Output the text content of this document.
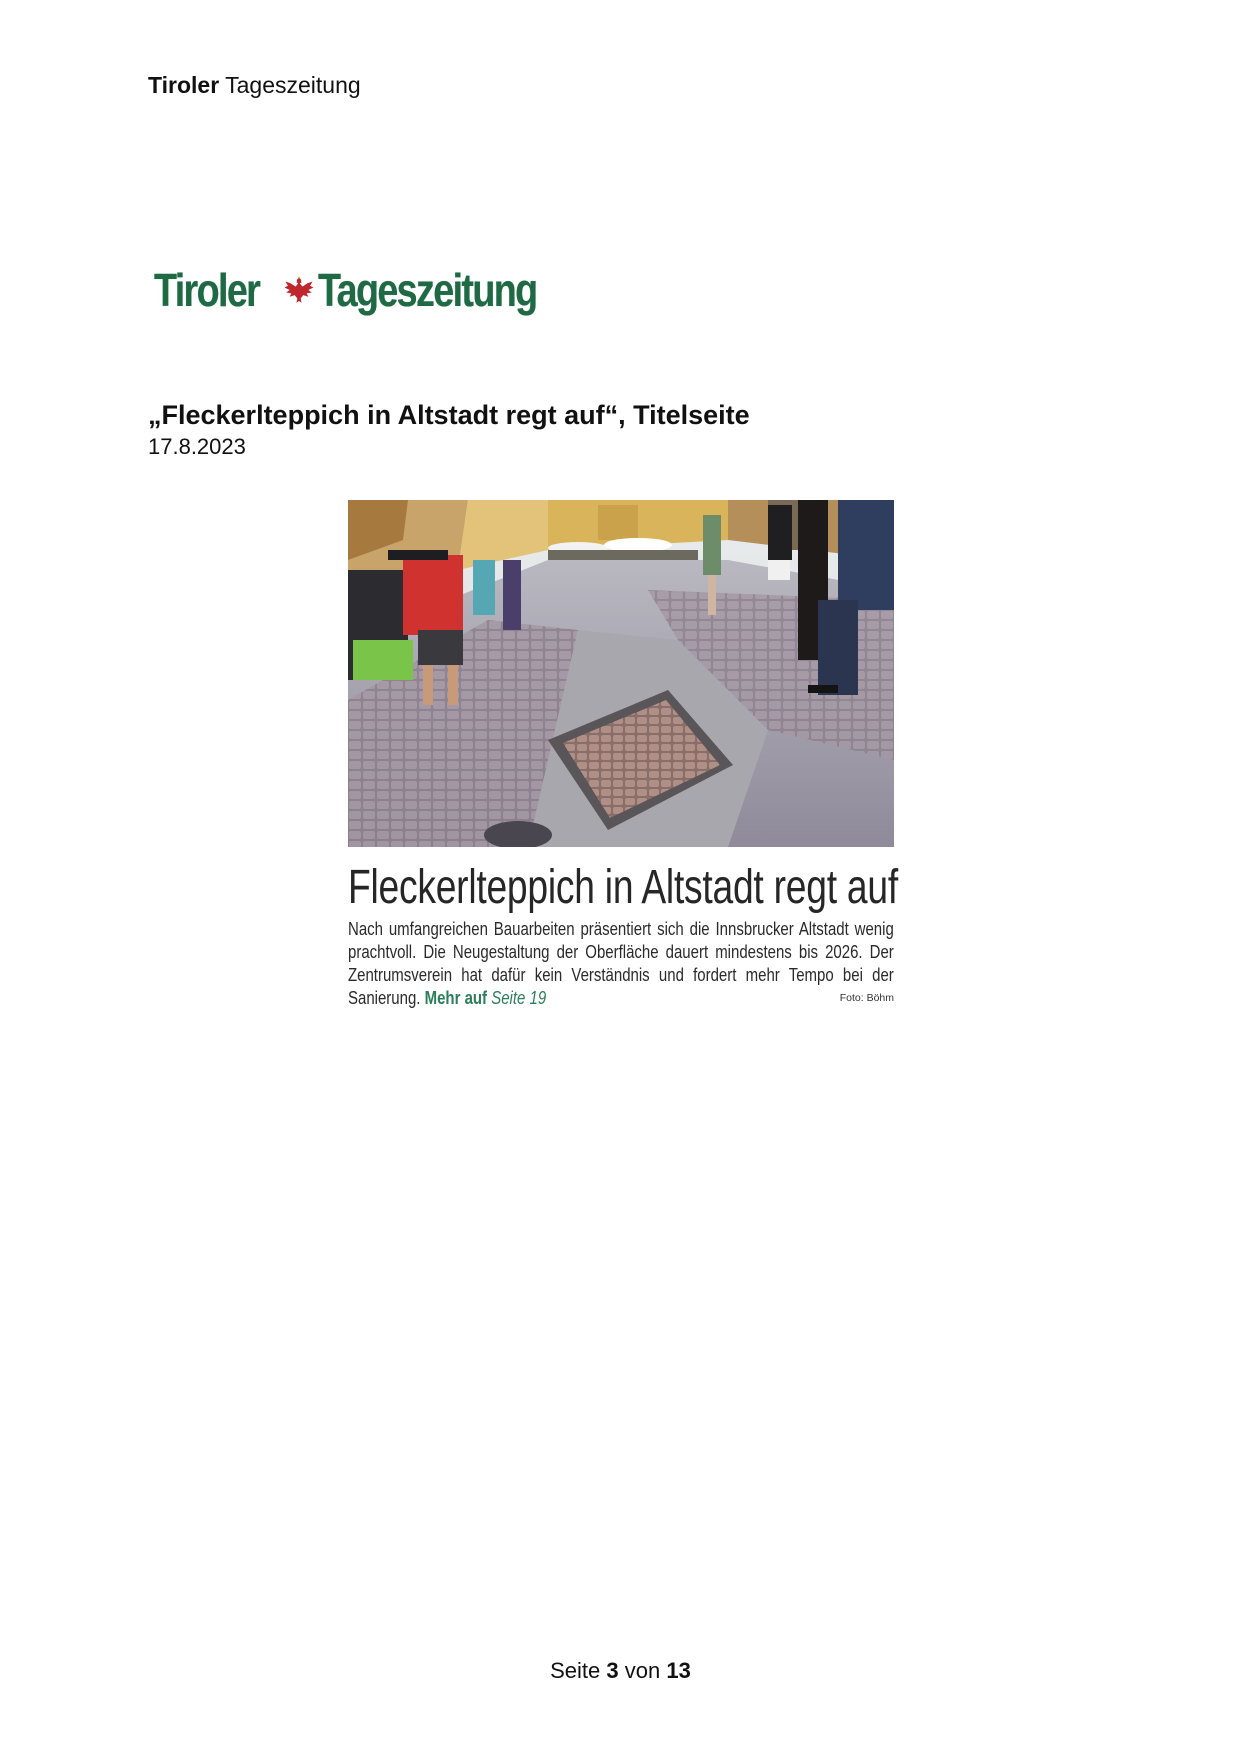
Tiroler Tageszeitung
Tiroler Tageszeitung
„Fleckerlteppich in Altstadt regt auf“, Titelseite
17.8.2023
Fleckerlteppich in Altstadt regt auf
Nach umfangreichen Bauarbeiten präsentiert sich die Innsbrucker Altstadt wenig prachtvoll. Die Neugestaltung der Oberfläche dauert mindestens bis 2026. Der Zentrumsverein hat dafür kein Verständnis und fordert mehr Tempo bei der Sanierung. Mehr auf Seite 19	Foto: Böhm
Seite 3 von 13
